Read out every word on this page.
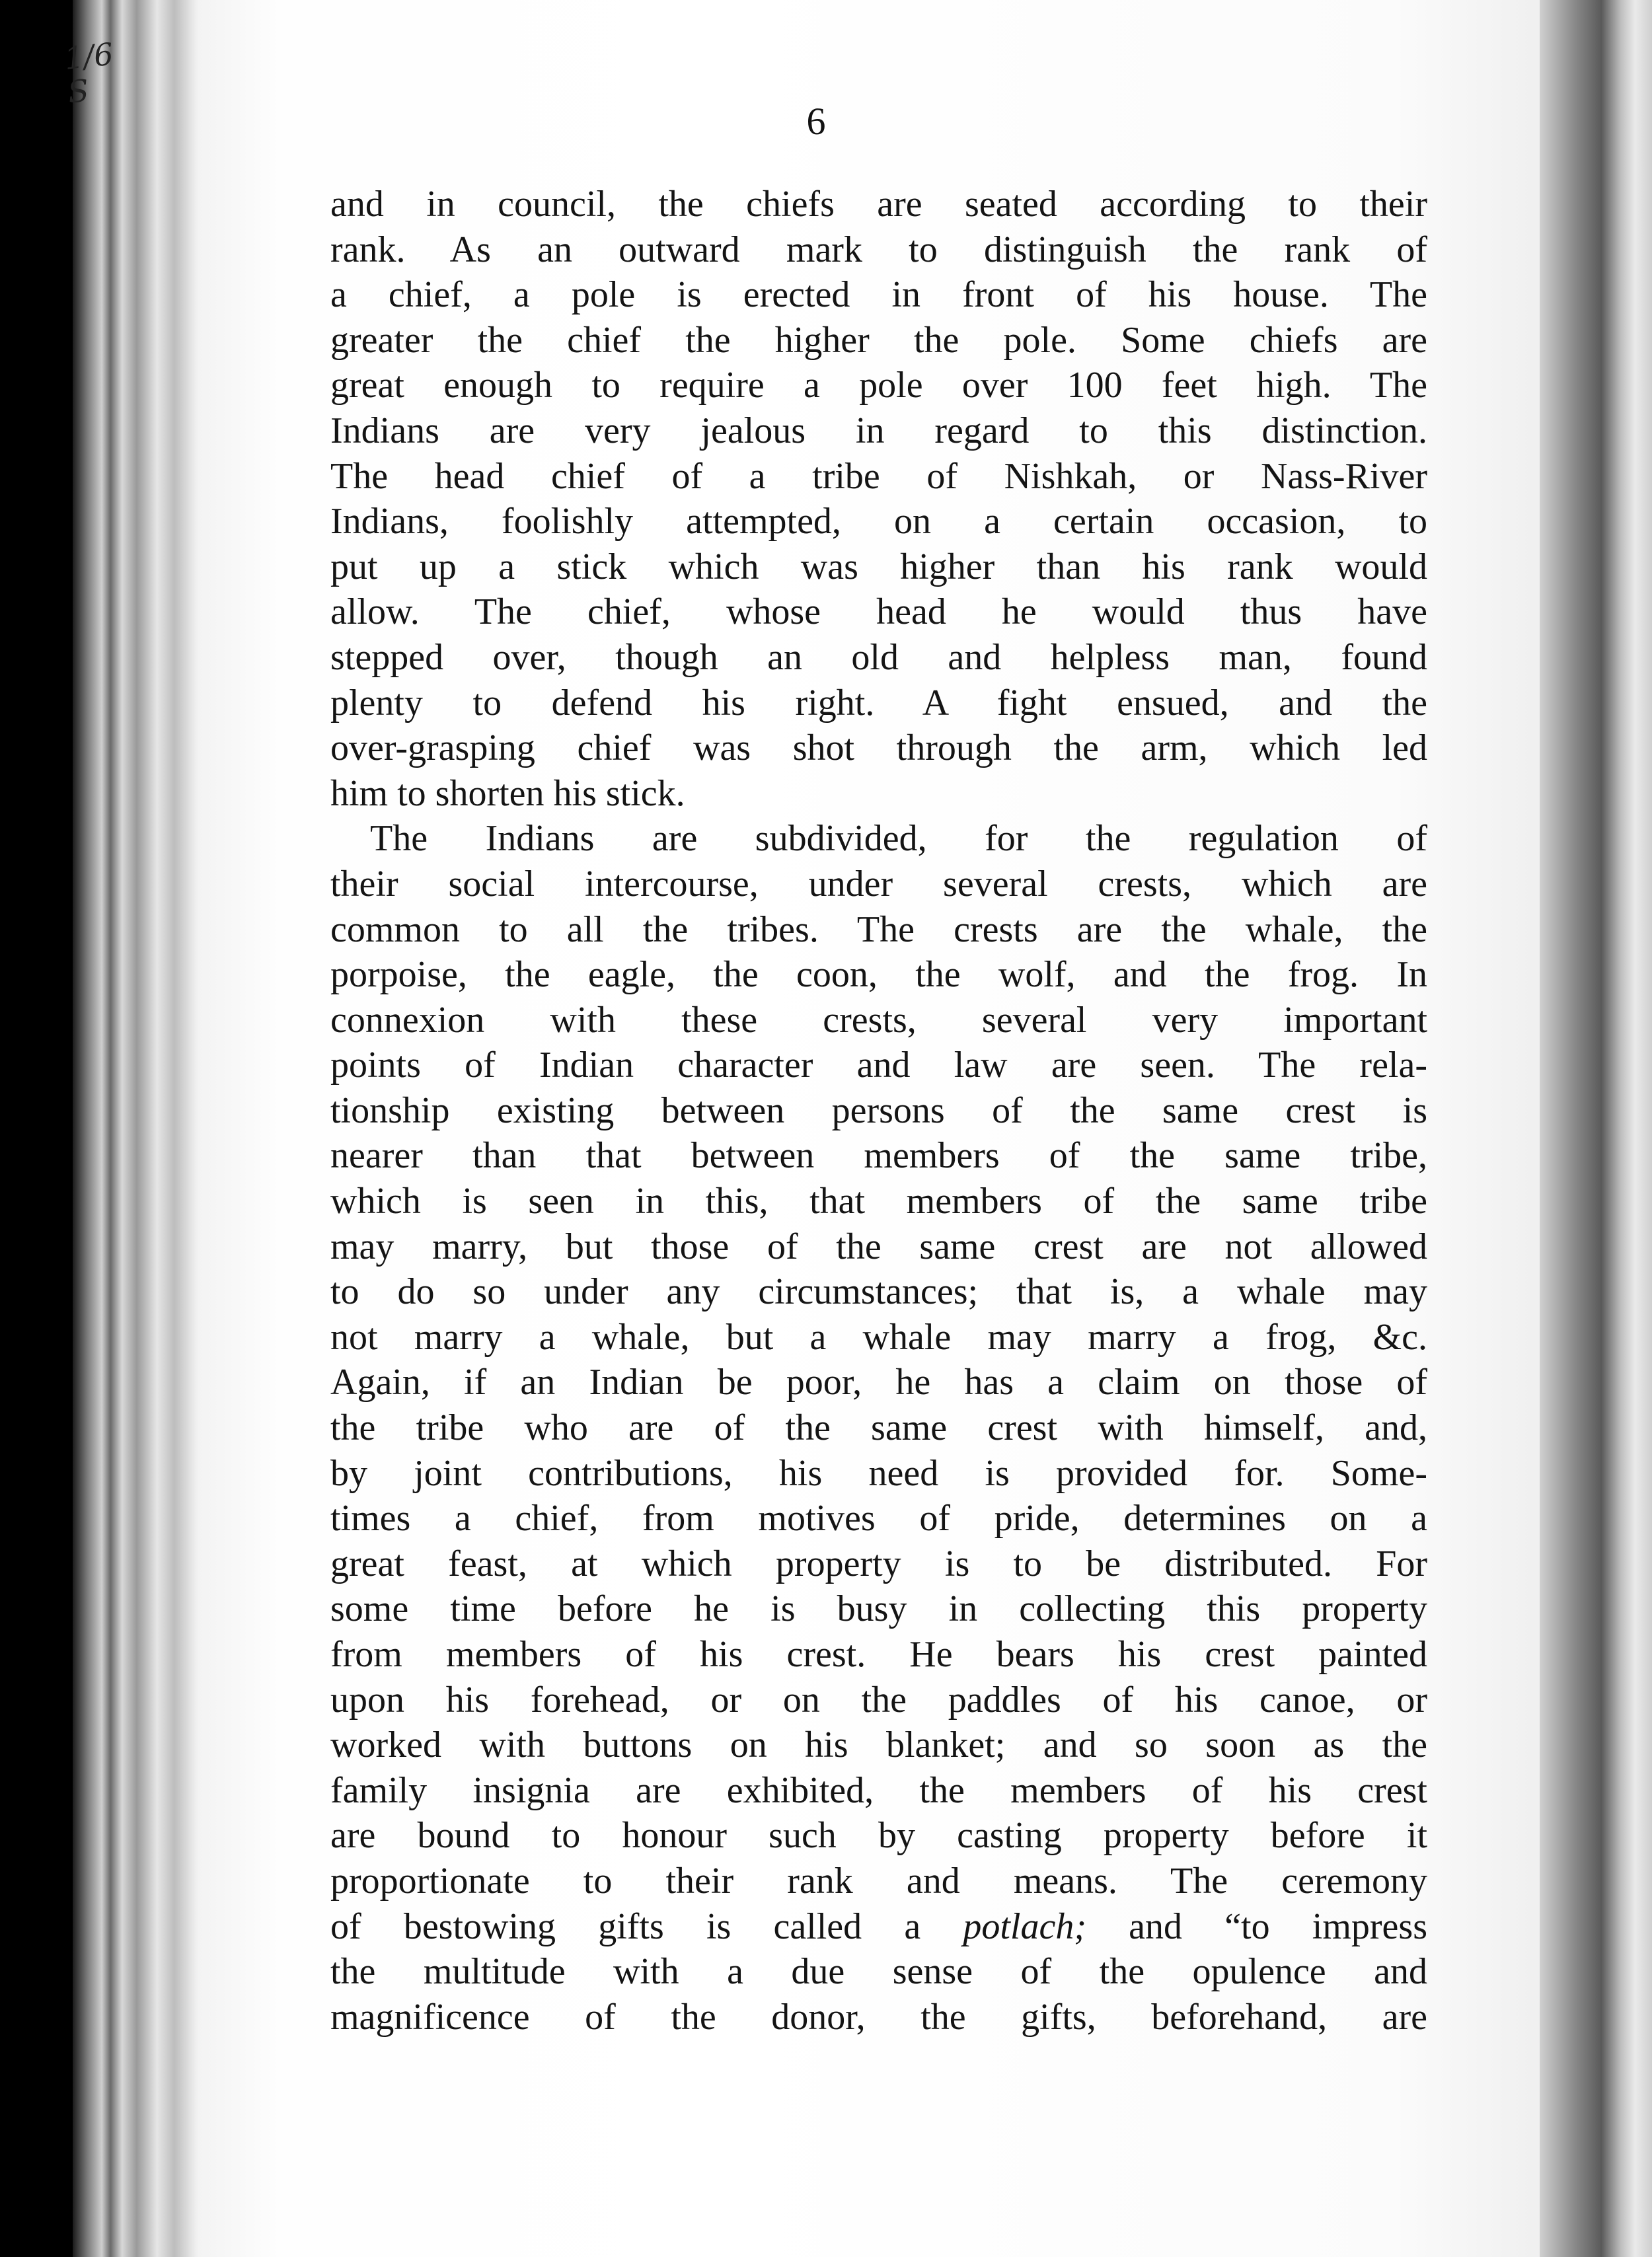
1/6
S
6
and in council, the chiefs are seated according to their
rank. As an outward mark to distinguish the rank of
a chief, a pole is erected in front of his house. The
greater the chief the higher the pole. Some chiefs are
great enough to require a pole over 100 feet high. The
Indians are very jealous in regard to this distinction.
The head chief of a tribe of Nishkah, or Nass-River
Indians, foolishly attempted, on a certain occasion, to
put up a stick which was higher than his rank would
allow. The chief, whose head he would thus have
stepped over, though an old and helpless man, found
plenty to defend his right. A fight ensued, and the
over-grasping chief was shot through the arm, which led
him to shorten his stick.
The Indians are subdivided, for the regulation of
their social intercourse, under several crests, which are
common to all the tribes. The crests are the whale, the
porpoise, the eagle, the coon, the wolf, and the frog. In
connexion with these crests, several very important
points of Indian character and law are seen. The rela-
tionship existing between persons of the same crest is
nearer than that between members of the same tribe,
which is seen in this, that members of the same tribe
may marry, but those of the same crest are not allowed
to do so under any circumstances; that is, a whale may
not marry a whale, but a whale may marry a frog, &c.
Again, if an Indian be poor, he has a claim on those of
the tribe who are of the same crest with himself, and,
by joint contributions, his need is provided for. Some-
times a chief, from motives of pride, determines on a
great feast, at which property is to be distributed. For
some time before he is busy in collecting this property
from members of his crest. He bears his crest painted
upon his forehead, or on the paddles of his canoe, or
worked with buttons on his blanket; and so soon as the
family insignia are exhibited, the members of his crest
are bound to honour such by casting property before it
proportionate to their rank and means. The ceremony
of bestowing gifts is called a potlach; and “to impress
the multitude with a due sense of the opulence and
magnificence of the donor, the gifts, beforehand, are
